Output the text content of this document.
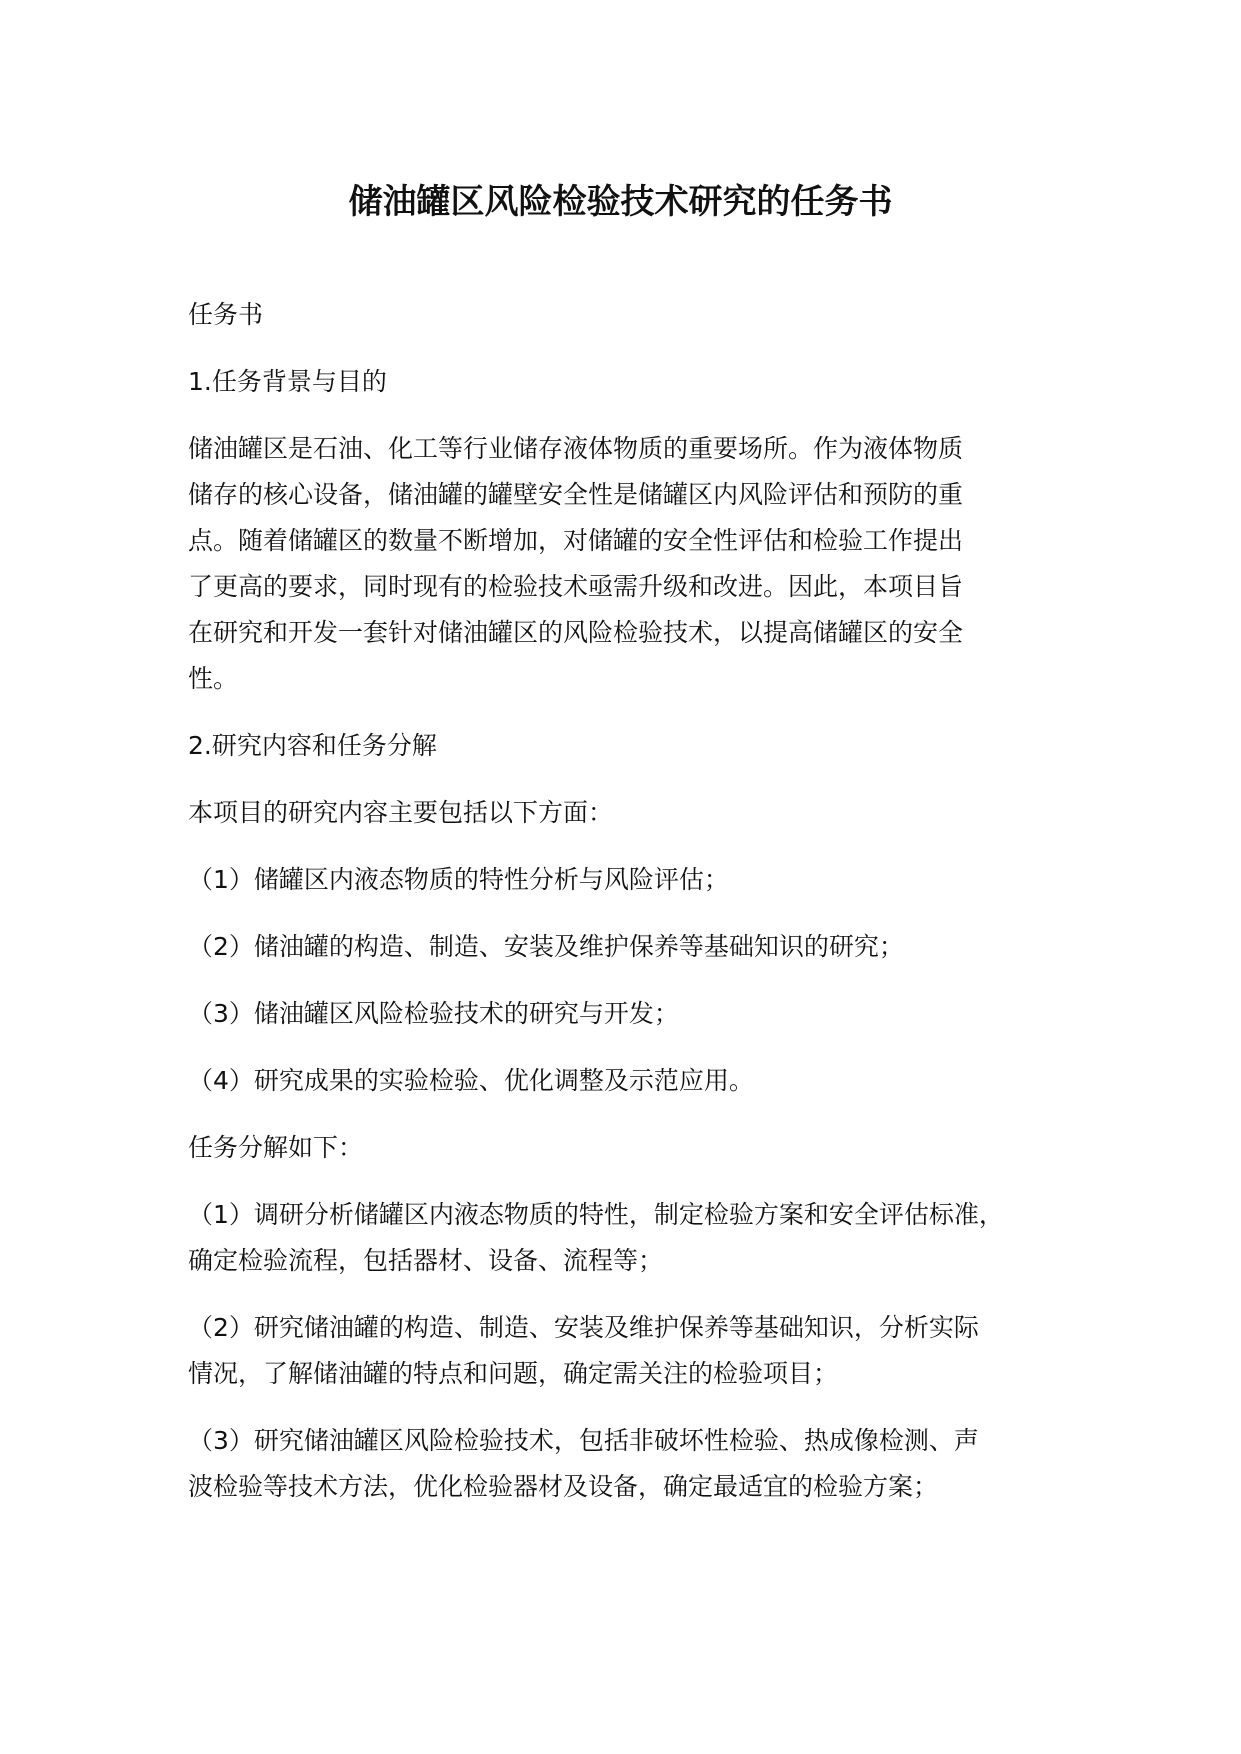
储油罐区风险检验技术研究的任务书

任务书

1.任务背景与目的

储油罐区是石油、化工等行业储存液体物质的重要场所。作为液体物质
储存的核心设备，储油罐的罐壁安全性是储罐区内风险评估和预防的重
点。随着储罐区的数量不断增加，对储罐的安全性评估和检验工作提出
了更高的要求，同时现有的检验技术亟需升级和改进。因此，本项目旨
在研究和开发一套针对储油罐区的风险检验技术，以提高储罐区的安全
性。

2.研究内容和任务分解

本项目的研究内容主要包括以下方面：

（1）储罐区内液态物质的特性分析与风险评估；

（2）储油罐的构造、制造、安装及维护保养等基础知识的研究；

（3）储油罐区风险检验技术的研究与开发；

（4）研究成果的实验检验、优化调整及示范应用。

任务分解如下：

（1）调研分析储罐区内液态物质的特性，制定检验方案和安全评估标准，
确定检验流程，包括器材、设备、流程等；

（2）研究储油罐的构造、制造、安装及维护保养等基础知识，分析实际
情况，了解储油罐的特点和问题，确定需关注的检验项目；

（3）研究储油罐区风险检验技术，包括非破坏性检验、热成像检测、声
波检验等技术方法，优化检验器材及设备，确定最适宜的检验方案；
